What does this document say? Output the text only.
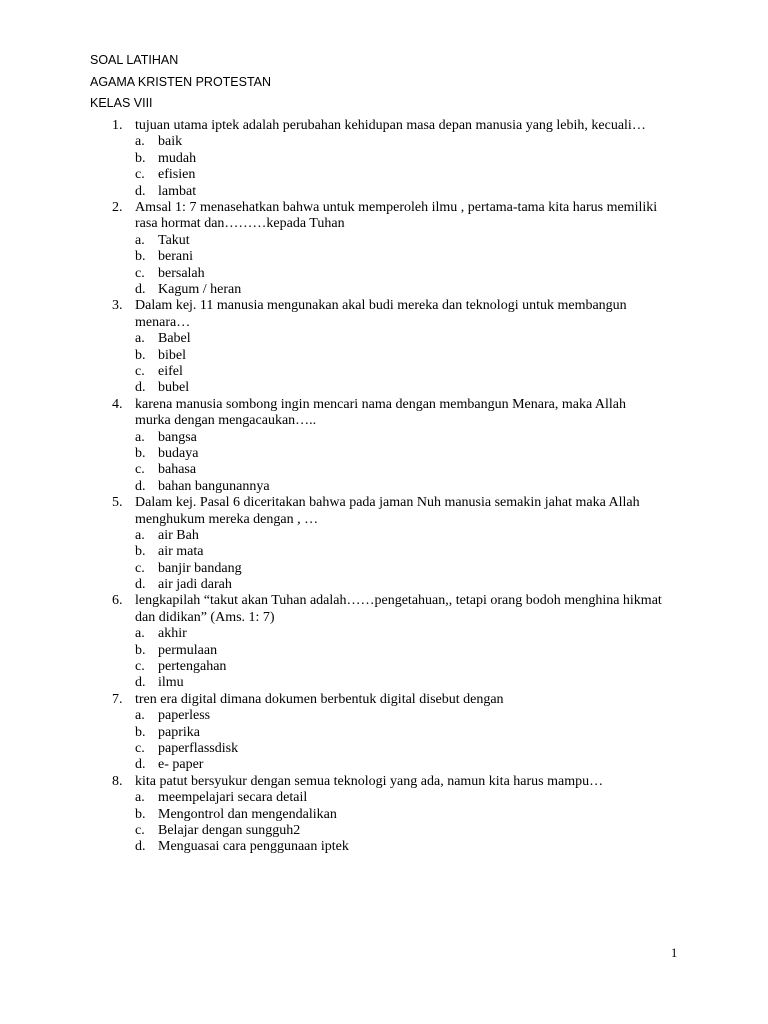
SOAL LATIHAN
AGAMA KRISTEN PROTESTAN
KELAS VIII
1. tujuan utama iptek adalah perubahan kehidupan masa depan manusia yang lebih, kecuali…
a. baik
b. mudah
c. efisien
d. lambat
2. Amsal 1: 7 menasehatkan bahwa untuk memperoleh ilmu , pertama-tama kita harus memiliki rasa hormat dan………kepada Tuhan
a. Takut
b. berani
c. bersalah
d. Kagum / heran
3. Dalam kej. 11 manusia mengunakan akal budi mereka dan teknologi untuk membangun menara…
a. Babel
b. bibel
c. eifel
d. bubel
4. karena manusia sombong ingin mencari nama dengan membangun Menara, maka Allah murka dengan mengacaukan…..
a. bangsa
b. budaya
c. bahasa
d. bahan bangunannya
5. Dalam kej. Pasal 6 diceritakan bahwa pada jaman Nuh manusia semakin jahat maka Allah menghukum mereka dengan , …
a. air Bah
b. air mata
c. banjir bandang
d. air jadi darah
6. lengkapilah “takut akan Tuhan adalah……pengetahuan,, tetapi orang bodoh menghina hikmat dan didikan” (Ams. 1: 7)
a. akhir
b. permulaan
c. pertengahan
d. ilmu
7. tren era digital dimana dokumen berbentuk digital disebut dengan
a. paperless
b. paprika
c. paperflassdisk
d. e- paper
8. kita patut bersyukur dengan semua teknologi yang ada, namun kita harus mampu…
a. meempelajari secara detail
b. Mengontrol dan mengendalikan
c. Belajar dengan sungguh2
d. Menguasai cara penggunaan iptek
1
